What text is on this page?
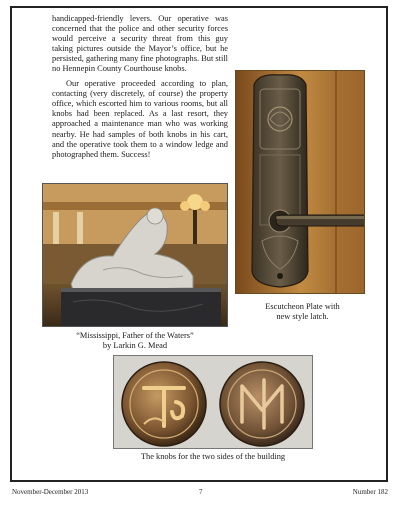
handicapped-friendly levers. Our operative was concerned that the police and other security forces would perceive a security threat from this guy taking pictures outside the Mayor’s office, but he persisted, gathering many fine photographs. But still no Hennepin County Courthouse knobs.

Our operative proceeded according to plan, contacting (very discretely, of course) the property office, which escorted him to various rooms, but all knobs had been replaced. As a last resort, they approached a maintenance man who was working nearby. He had samples of both knobs in his cart, and the operative took them to a window ledge and photographed them. Success!

Escutcheon Plate with
new style latch.
“Mississippi, Father of the Waters”
by Larkin G. Mead
The knobs for the two sides of the building
November-December 2013	7	Number 182
